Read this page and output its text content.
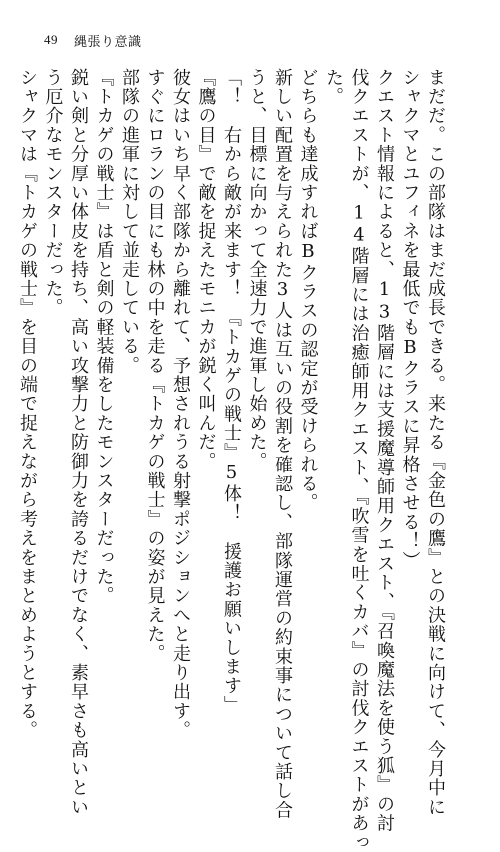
49 縄張り意識

まだだ。この部隊はまだ成長できる。来たる『金色の鷹』との決戦に向けて、今月中に

シャクマとユフィネを最低でもBクラスに昇格させる！）

クエスト情報によると、13階層には支援魔導師用クエスト、『召喚魔法を使う狐』の討

伐クエストが、14階層には治癒師用クエスト、『吹雪を吐くカバ』の討伐クエストがあっ

た。

どちらも達成すればBクラスの認定が受けられる。

新しい配置を与えられた3人は互いの役割を確認し、部隊運営の約束事について話し合

うと、目標に向かって全速力で進軍し始めた。

「！　右から敵が来ます！　『トカゲの戦士』5体！　援護お願いします」

『鷹の目』で敵を捉えたモニカが鋭く叫んだ。

彼女はいち早く部隊から離れて、予想されうる射撃ポジションへと走り出す。

すぐにロランの目にも林の中を走る『トカゲの戦士』の姿が見えた。

部隊の進軍に対して並走している。

『トカゲの戦士』は盾と剣の軽装備をしたモンスターだった。

鋭い剣と分厚い体皮を持ち、高い攻撃力と防御力を誇るだけでなく、素早さも高いとい

う厄介なモンスターだった。

シャクマは『トカゲの戦士』を目の端で捉えながら考えをまとめようとする。
